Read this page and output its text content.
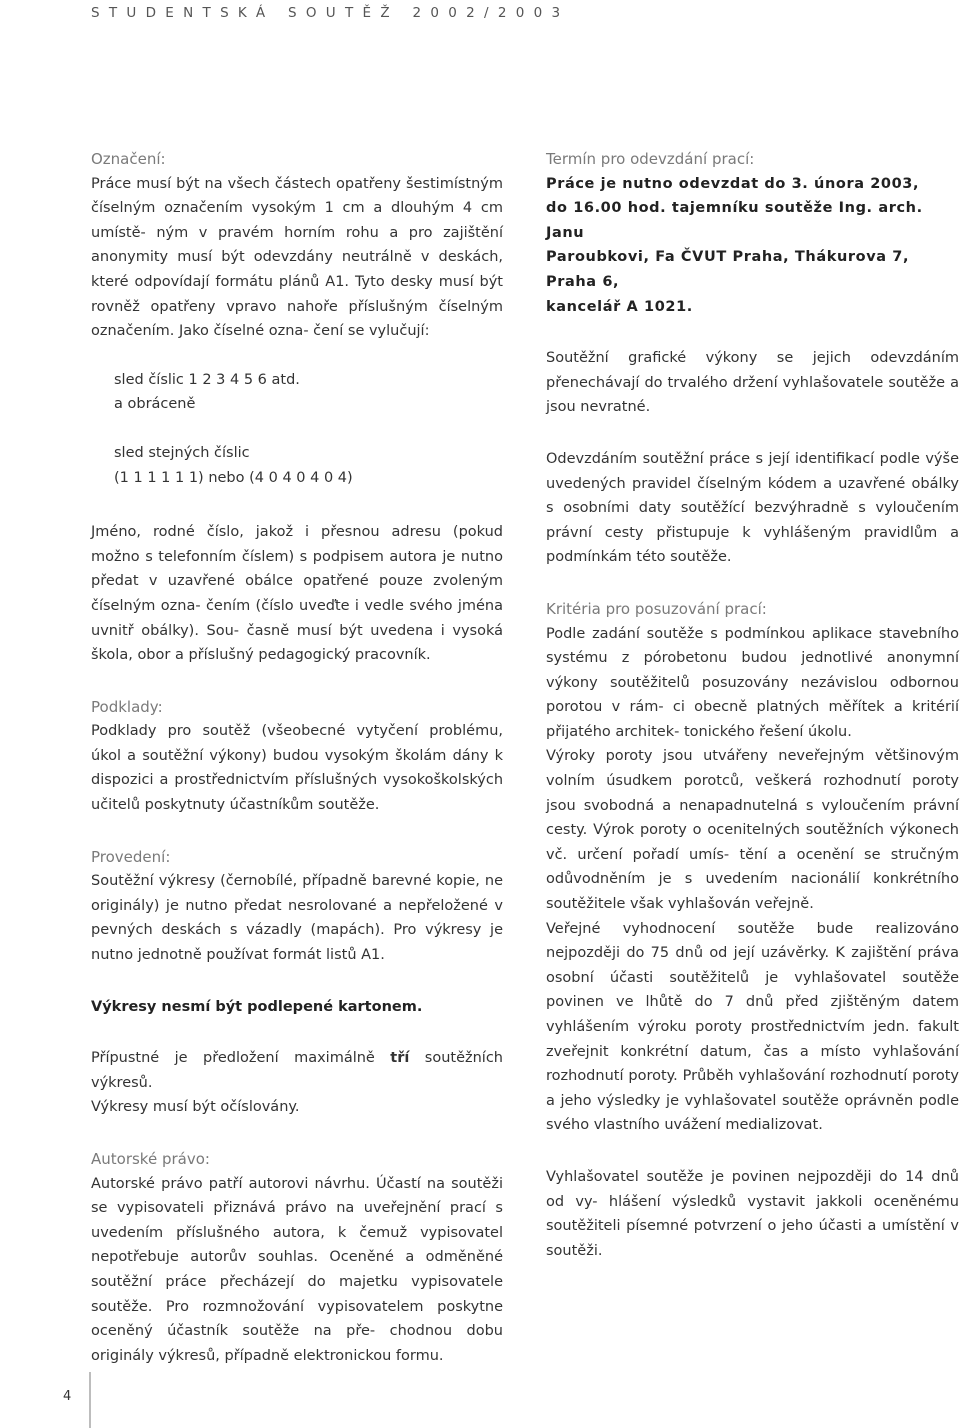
STUDENTSKÁ SOUTĚŽ 2002/2003
Označení:

Práce musí být na všech částech opatřeny šestimístným číselným označením vysokým 1 cm a dlouhým 4 cm umístě- ným v pravém horním rohu a pro zajištění anonymity musí být odevzdány neutrálně v deskách, které odpovídají formátu plánů A1. Tyto desky musí být rovněž opatřeny vpravo nahoře příslušným číselným označením. Jako číselné ozna- čení se vylučují:

sled číslic 1 2 3 4 5 6 atd.

a obráceně

sled stejných číslic

(1 1 1 1 1 1) nebo (4 0 4 0 4 0 4)

Jméno, rodné číslo, jakož i přesnou adresu (pokud možno s telefonním číslem) s podpisem autora je nutno předat v uzavřené obálce opatřené pouze zvoleným číselným ozna- čením (číslo uveďte i vedle svého jména uvnitř obálky). Sou- časně musí být uvedena i vysoká škola, obor a příslušný pedagogický pracovník.

Podklady:

Podklady pro soutěž (všeobecné vytyčení problému, úkol a soutěžní výkony) budou vysokým školám dány k dispozici a prostřednictvím příslušných vysokoškolských učitelů poskytnuty účastníkům soutěže.

Provedení:

Soutěžní výkresy (černobílé, případně barevné kopie, ne originály) je nutno předat nesrolované a nepřeložené v pevných deskách s vázadly (mapách). Pro výkresy je nutno jednotně používat formát listů A1.

Výkresy nesmí být podlepené kartonem.

Přípustné je předložení maximálně tří soutěžních výkresů.

Výkresy musí být očíslovány.

Autorské právo:

Autorské právo patří autorovi návrhu. Účastí na soutěži se vypisovateli přiznává právo na uveřejnění prací s uvedením příslušného autora, k čemuž vypisovatel nepotřebuje autorův souhlas. Oceněné a odměněné soutěžní práce přecházejí do majetku vypisovatele soutěže. Pro rozmnožování vypisovatelem poskytne oceněný účastník soutěže na pře- chodnou dobu originály výkresů, případně elektronickou formu.

Termín pro odevzdání prací:

Práce je nutno odevzdat do 3. února 2003,
do 16.00 hod. tajemníku soutěže Ing. arch. Janu
Paroubkovi, Fa ČVUT Praha, Thákurova 7, Praha 6,
kancelář A 1021.

Soutěžní grafické výkony se jejich odevzdáním přenechávají do trvalého držení vyhlašovatele soutěže a jsou nevratné.

Odevzdáním soutěžní práce s její identifikací podle výše uvedených pravidel číselným kódem a uzavřené obálky s osobními daty soutěžící bezvýhradně s vyloučením právní cesty přistupuje k vyhlášeným pravidlům a podmínkám této soutěže.

Kritéria pro posuzování prací:

Podle zadání soutěže s podmínkou aplikace stavebního systému z pórobetonu budou jednotlivé anonymní výkony soutěžitelů posuzovány nezávislou odbornou porotou v rám- ci obecně platných měřítek a kritérií přijatého architek- tonického řešení úkolu.

Výroky poroty jsou utvářeny neveřejným většinovým volním úsudkem porotců, veškerá rozhodnutí poroty jsou svobodná a nenapadnutelná s vyloučením právní cesty. Výrok poroty o ocenitelných soutěžních výkonech vč. určení pořadí umís- tění a ocenění se stručným odůvodněním je s uvedením nacionálií konkrétního soutěžitele však vyhlašován veřejně.

Veřejné vyhodnocení soutěže bude realizováno nejpozději do 75 dnů od její uzávěrky. K zajištění práva osobní účasti soutěžitelů je vyhlašovatel soutěže povinen ve lhůtě do 7 dnů před zjištěným datem vyhlášením výroku poroty prostřednictvím jedn. fakult zveřejnit konkrétní datum, čas a místo vyhlašování rozhodnutí poroty. Průběh vyhlašování rozhodnutí poroty a jeho výsledky je vyhlašovatel soutěže oprávněn podle svého vlastního uvážení medializovat.

Vyhlašovatel soutěže je povinen nejpozději do 14 dnů od vy- hlášení výsledků vystavit jakkoli oceněnému soutěžiteli písemné potvrzení o jeho účasti a umístění v soutěži.

4
